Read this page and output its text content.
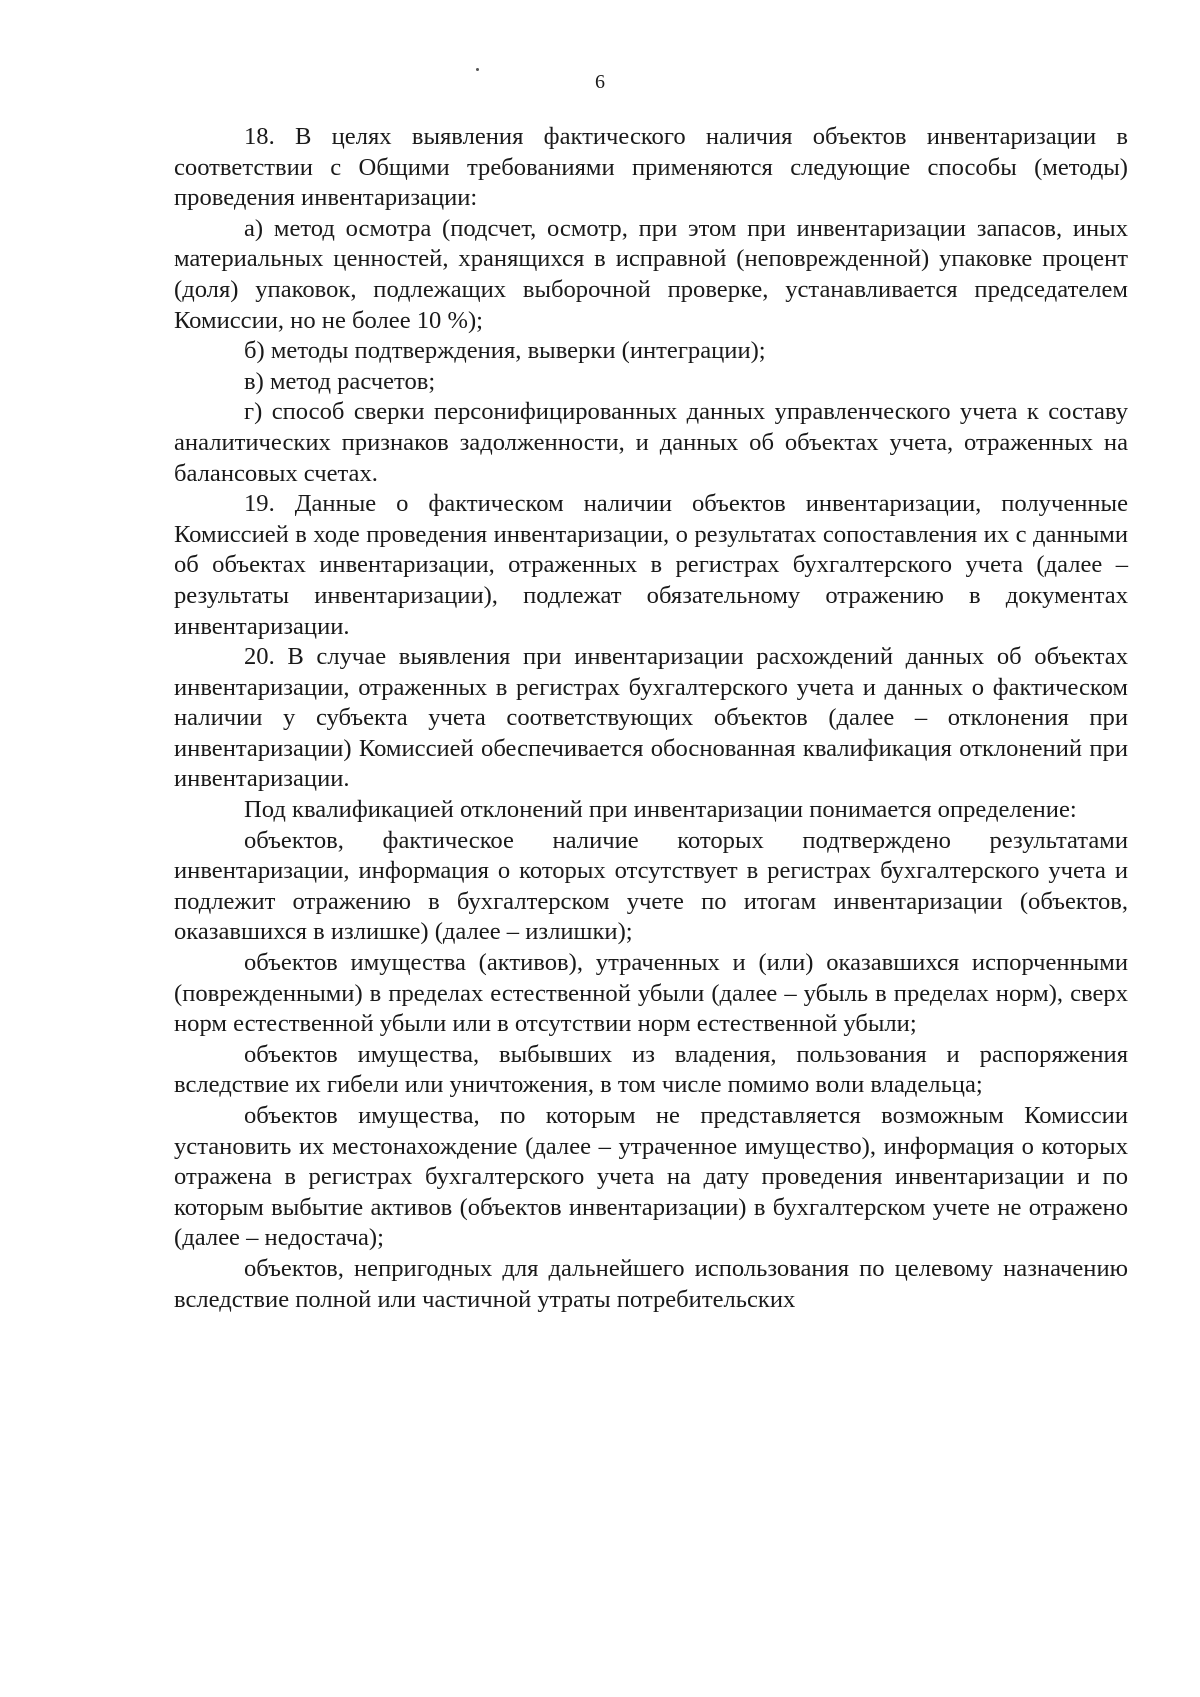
6

18. В целях выявления фактического наличия объектов инвентаризации в соответствии с Общими требованиями применяются следующие способы (методы) проведения инвентаризации:

а) метод осмотра (подсчет, осмотр, при этом при инвентаризации запасов, иных материальных ценностей, хранящихся в исправной (неповрежденной) упаковке процент (доля) упаковок, подлежащих выборочной проверке, устанавливается председателем Комиссии, но не более 10 %);

б) методы подтверждения, выверки (интеграции);

в) метод расчетов;

г) способ сверки персонифицированных данных управленческого учета к составу аналитических признаков задолженности, и данных об объектах учета, отраженных на балансовых счетах.

19. Данные о фактическом наличии объектов инвентаризации, полученные Комиссией в ходе проведения инвентаризации, о результатах сопоставления их с данными об объектах инвентаризации, отраженных в регистрах бухгалтерского учета (далее – результаты инвентаризации), подлежат обязательному отражению в документах инвентаризации.

20. В случае выявления при инвентаризации расхождений данных об объектах инвентаризации, отраженных в регистрах бухгалтерского учета и данных о фактическом наличии у субъекта учета соответствующих объектов (далее – отклонения при инвентаризации) Комиссией обеспечивается обоснованная квалификация отклонений при инвентаризации.

Под квалификацией отклонений при инвентаризации понимается определение:

объектов, фактическое наличие которых подтверждено результатами инвентаризации, информация о которых отсутствует в регистрах бухгалтерского учета и подлежит отражению в бухгалтерском учете по итогам инвентаризации (объектов, оказавшихся в излишке) (далее – излишки);

объектов имущества (активов), утраченных и (или) оказавшихся испорченными (поврежденными) в пределах естественной убыли (далее – убыль в пределах норм), сверх норм естественной убыли или в отсутствии норм естественной убыли;

объектов имущества, выбывших из владения, пользования и распоряжения вследствие их гибели или уничтожения, в том числе помимо воли владельца;

объектов имущества, по которым не представляется возможным Комиссии установить их местонахождение (далее – утраченное имущество), информация о которых отражена в регистрах бухгалтерского учета на дату проведения инвентаризации и по которым выбытие активов (объектов инвентаризации) в бухгалтерском учете не отражено (далее – недостача);

объектов, непригодных для дальнейшего использования по целевому назначению вследствие полной или частичной утраты потребительских
